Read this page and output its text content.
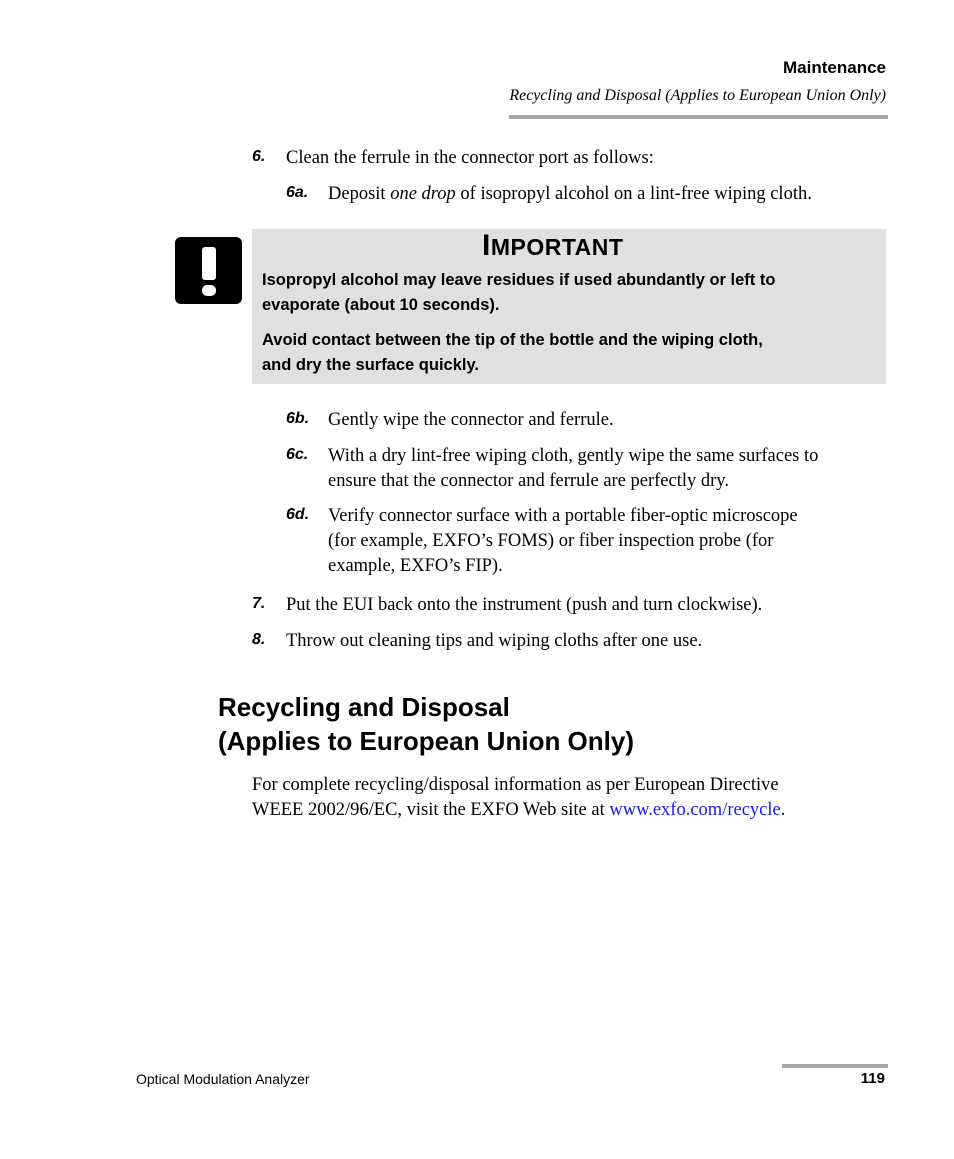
Maintenance
Recycling and Disposal (Applies to European Union Only)
6. Clean the ferrule in the connector port as follows:
6a. Deposit one drop of isopropyl alcohol on a lint-free wiping cloth.
IMPORTANT
Isopropyl alcohol may leave residues if used abundantly or left to
evaporate (about 10 seconds).
Avoid contact between the tip of the bottle and the wiping cloth,
and dry the surface quickly.
6b. Gently wipe the connector and ferrule.
6c. With a dry lint-free wiping cloth, gently wipe the same surfaces to
ensure that the connector and ferrule are perfectly dry.
6d. Verify connector surface with a portable fiber-optic microscope
(for example, EXFO’s FOMS) or fiber inspection probe (for
example, EXFO’s FIP).
7. Put the EUI back onto the instrument (push and turn clockwise).
8. Throw out cleaning tips and wiping cloths after one use.
Recycling and Disposal
(Applies to European Union Only)
For complete recycling/disposal information as per European Directive
WEEE 2002/96/EC, visit the EXFO Web site at www.exfo.com/recycle.
Optical Modulation Analyzer	119
